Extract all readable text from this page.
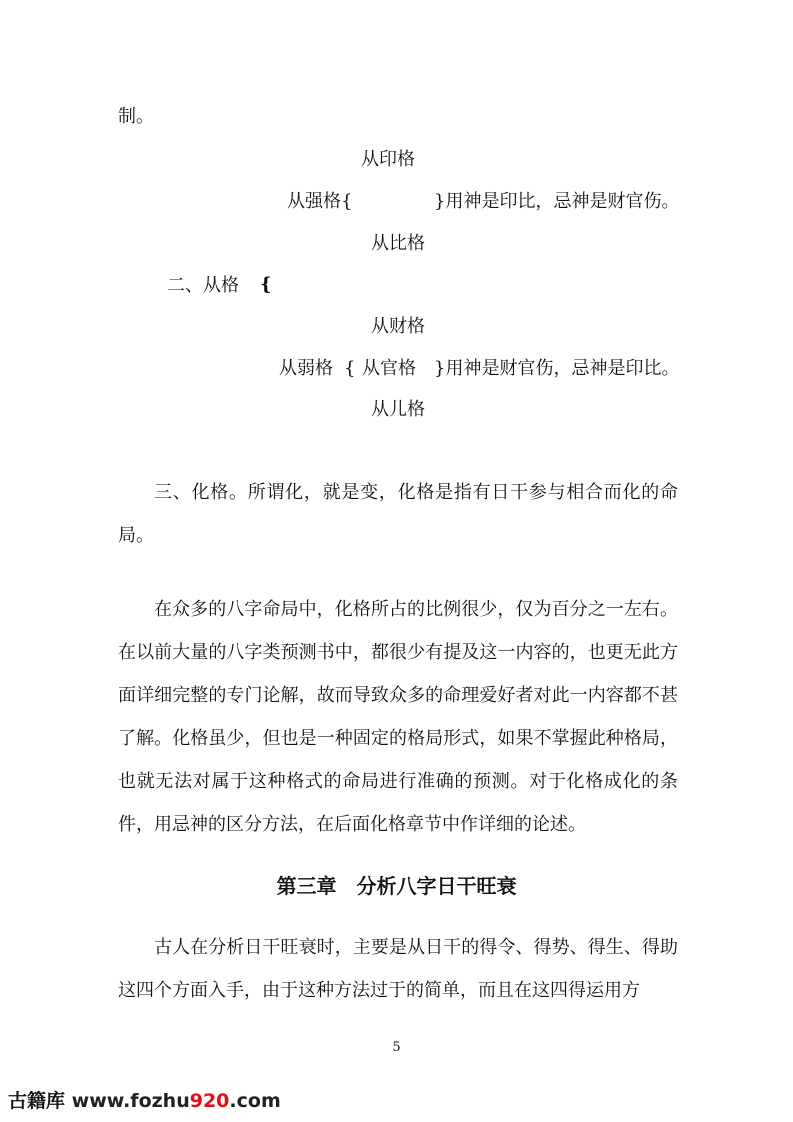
制。
从印格
从强格{	}用神是印比，忌神是财官伤。
从比格
二、从格 {
从财格
从弱格 { 从官格 }用神是财官伤，忌神是印比。
从儿格
三、化格。所谓化，就是变，化格是指有日干参与相合而化的命局。
在众多的八字命局中，化格所占的比例很少，仅为百分之一左右。在以前大量的八字类预测书中，都很少有提及这一内容的，也更无此方面详细完整的专门论解，故而导致众多的命理爱好者对此一内容都不甚了解。化格虽少，但也是一种固定的格局形式，如果不掌握此种格局，也就无法对属于这种格式的命局进行准确的预测。对于化格成化的条件，用忌神的区分方法，在后面化格章节中作详细的论述。
第三章　分析八字日干旺衰
古人在分析日干旺衰时，主要是从日干的得令、得势、得生、得助这四个方面入手，由于这种方法过于的简单，而且在这四得运用方
5
古籍库 www.fozhu920.com
